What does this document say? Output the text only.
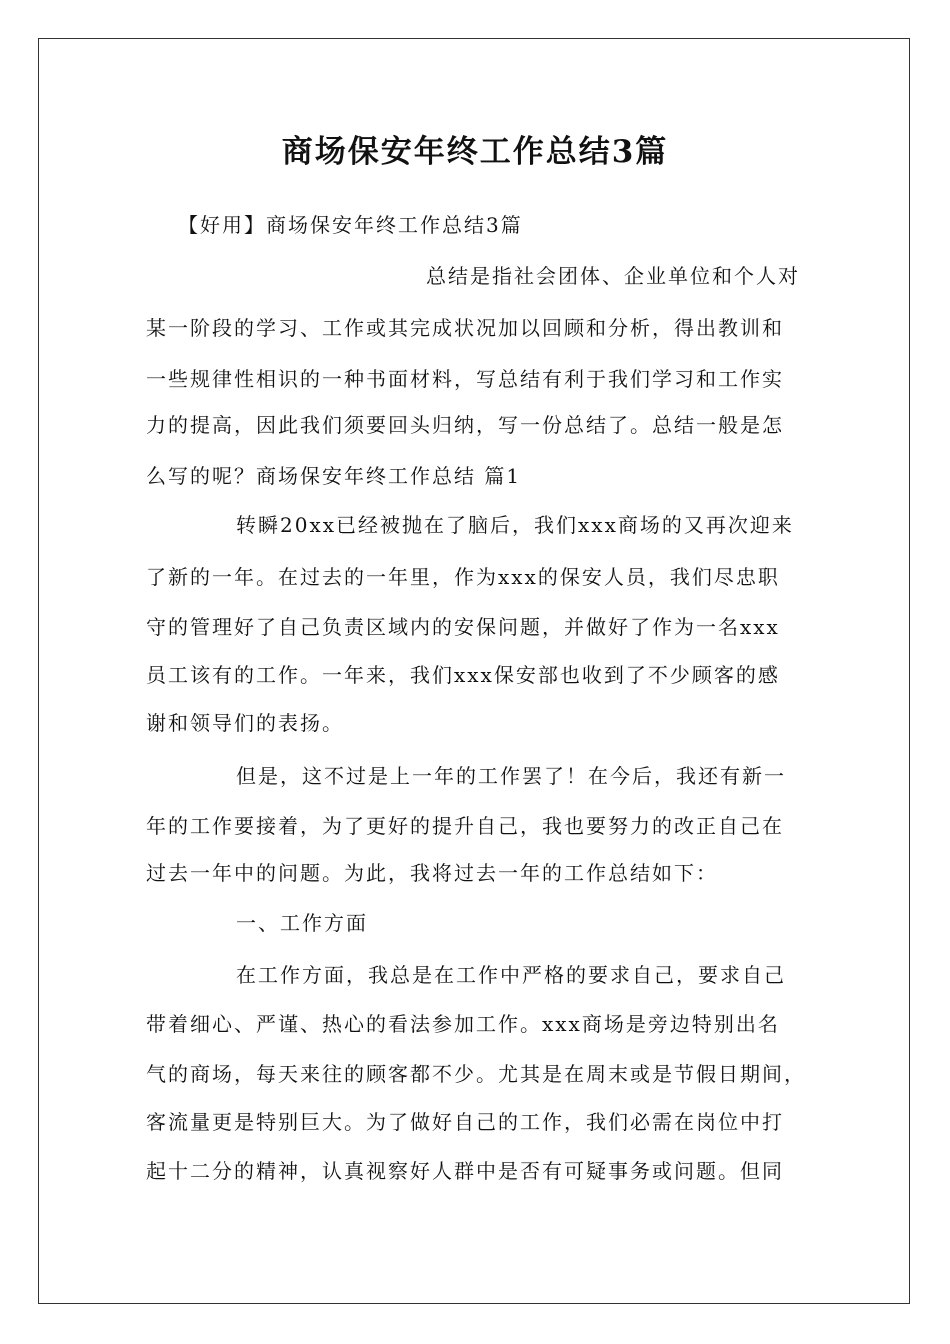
商场保安年终工作总结3篇
【好用】商场保安年终工作总结3篇
总结是指社会团体、企业单位和个人对
某一阶段的学习、工作或其完成状况加以回顾和分析，得出教训和
一些规律性相识的一种书面材料，写总结有利于我们学习和工作实
力的提高，因此我们须要回头归纳，写一份总结了。总结一般是怎
么写的呢？商场保安年终工作总结 篇1
转瞬20xx已经被抛在了脑后，我们xxx商场的又再次迎来
了新的一年。在过去的一年里，作为xxx的保安人员，我们尽忠职
守的管理好了自己负责区域内的安保问题，并做好了作为一名xxx
员工该有的工作。一年来，我们xxx保安部也收到了不少顾客的感
谢和领导们的表扬。
但是，这不过是上一年的工作罢了！在今后，我还有新一
年的工作要接着，为了更好的提升自己，我也要努力的改正自己在
过去一年中的问题。为此，我将过去一年的工作总结如下：
一、工作方面
在工作方面，我总是在工作中严格的要求自己，要求自己
带着细心、严谨、热心的看法参加工作。xxx商场是旁边特别出名
气的商场，每天来往的顾客都不少。尤其是在周末或是节假日期间，
客流量更是特别巨大。为了做好自己的工作，我们必需在岗位中打
起十二分的精神，认真视察好人群中是否有可疑事务或问题。但同
